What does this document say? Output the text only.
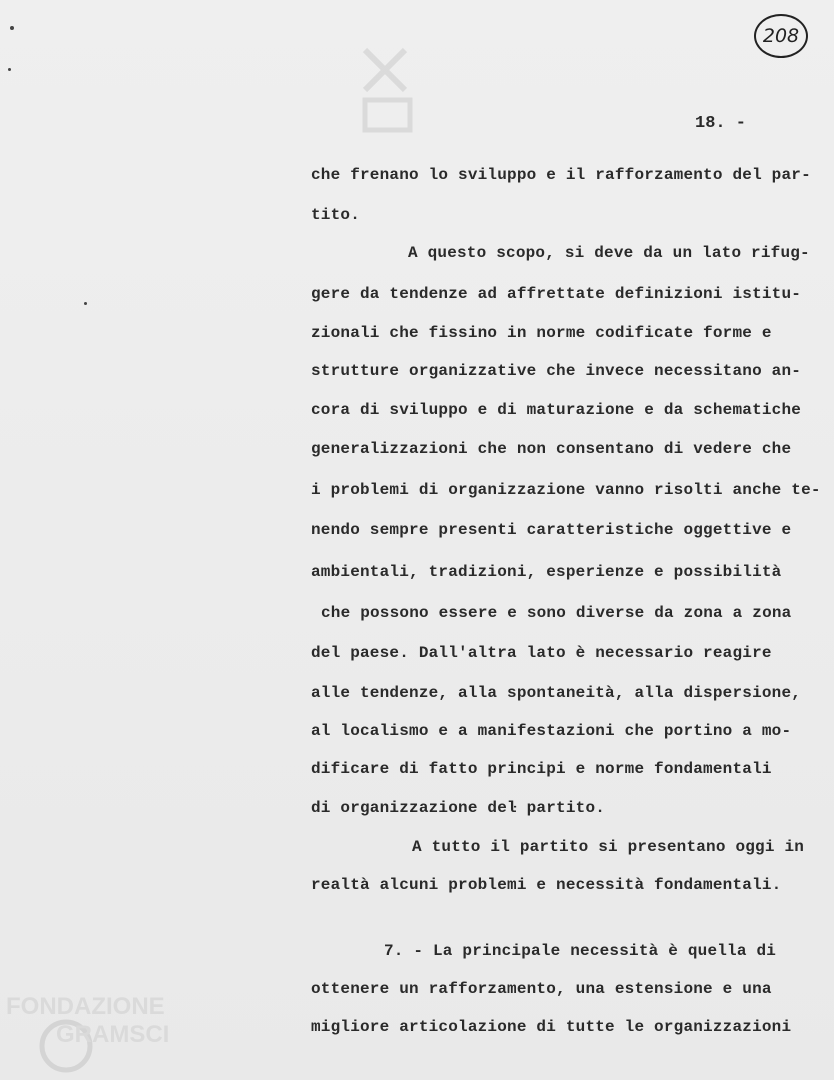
208
18. -
che frenano lo sviluppo e il rafforzamento del par-
tito.
A questo scopo, si deve da un lato rifug-
gere da tendenze ad affrettate definizioni istitu-
zionali che fissino in norme codificate forme e
strutture organizzative che invece necessitano an-
cora di sviluppo e di maturazione e da schematiche
generalizzazioni che non consentano di vedere che
i problemi di organizzazione vanno risolti anche te-
nendo sempre presenti caratteristiche oggettive e
ambientali, tradizioni, esperienze e possibilità
che possono essere e sono diverse da zona a zona
del paese. Dall'altra lato è necessario reagire
alle tendenze, alla spontaneità, alla dispersione,
al localismo e a manifestazioni che portino a mo-
dificare di fatto principi e norme fondamentali
di organizzazione deŀ partito.
A tutto il partito si presentano oggi in
realtà alcuni problemi e necessità fondamentali.
7. - La principale necessità è quella di
ottenere un rafforzamento, una estensione e una
migliore articolazione di tutte le organizzazioni
FONDAZIONE
GRAMSCI
